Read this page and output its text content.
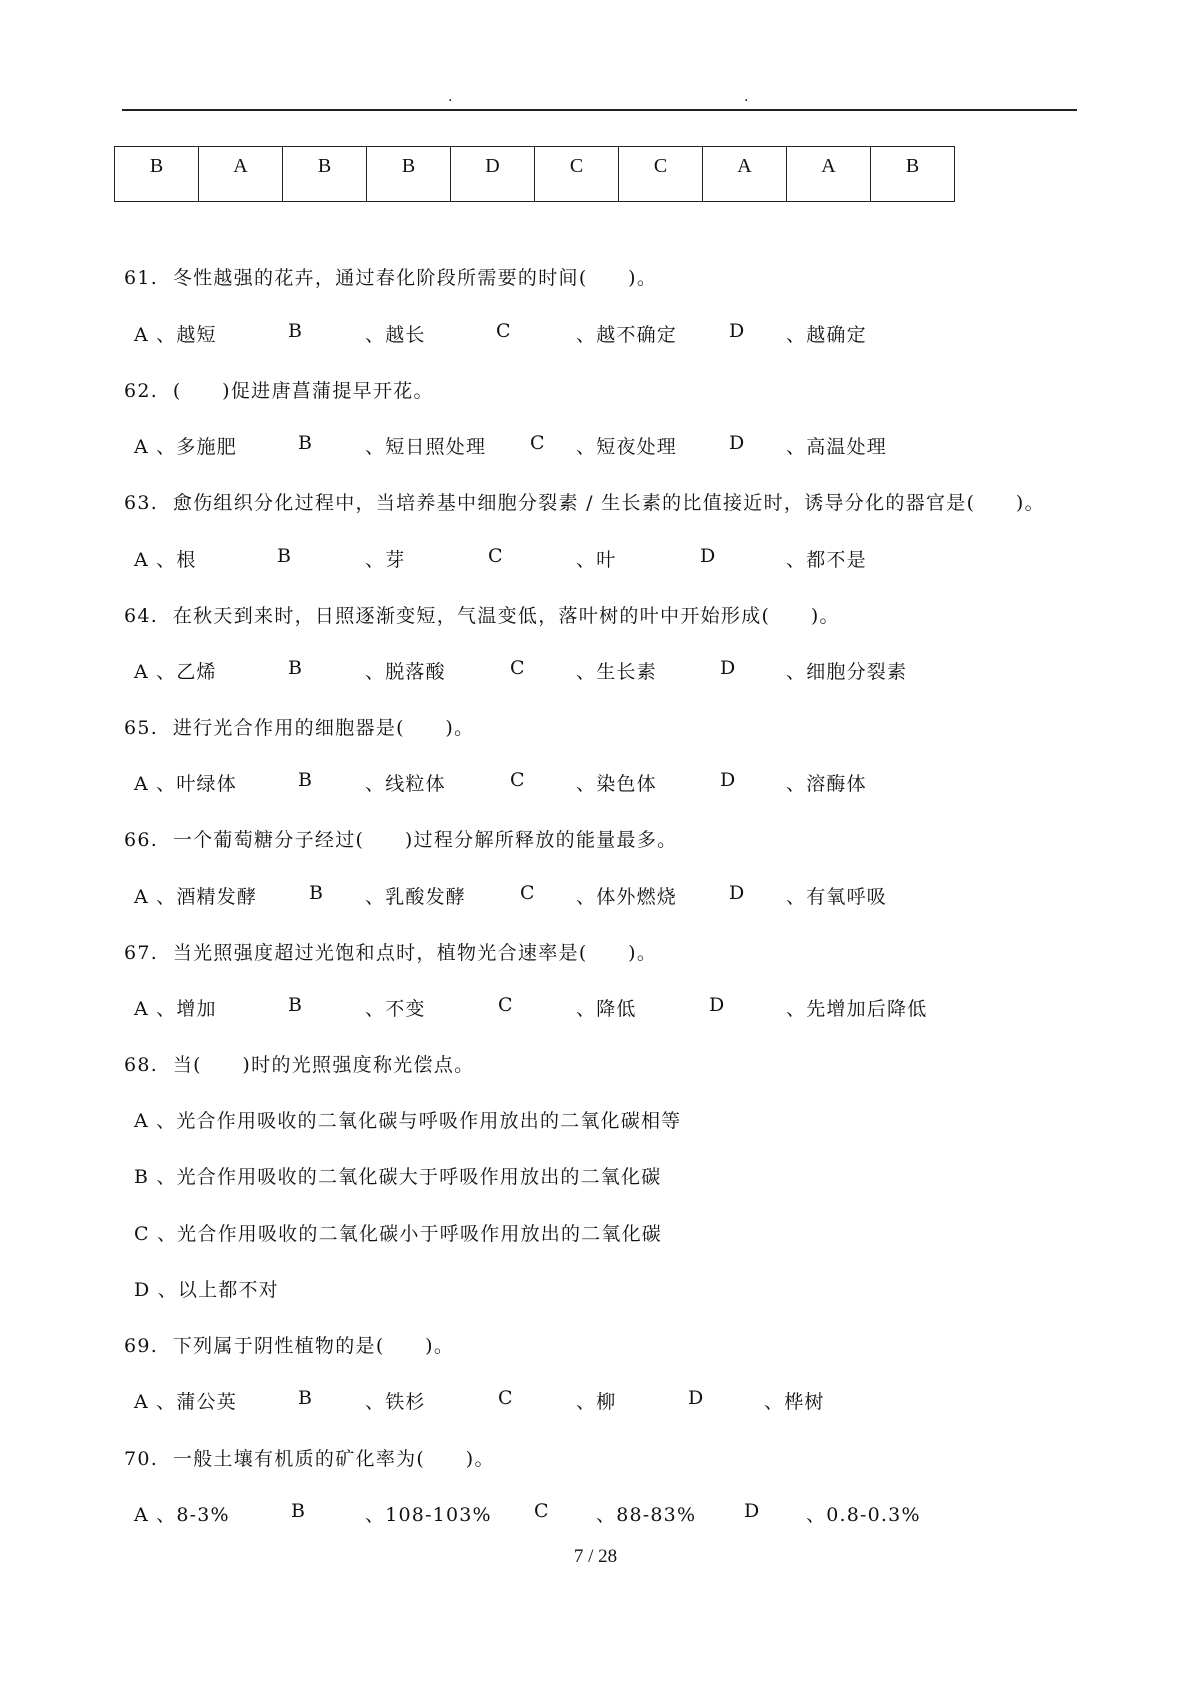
.	.
B	A	B	B	D	C	C	A	A	B
61. 冬性越强的花卉，通过春化阶段所需要的时间(　　)。
A 、越短	B	、越长	C	、越不确定	D 、越确定
62. (　　)促进唐菖蒲提早开花。
A 、多施肥	B	、短日照处理 C 、短夜处理	D 、高温处理
63. 愈伤组织分化过程中，当培养基中细胞分裂素 / 生长素的比值接近时，诱导分化的器官是(　　)。
A 、根	B	、芽	C	、叶	D	、都不是
64. 在秋天到来时，日照逐渐变短，气温变低，落叶树的叶中开始形成(　　)。
A 、乙烯	B	、脱落酸	C	、生长素	D	、细胞分裂素
65. 进行光合作用的细胞器是(　　)。
A 、叶绿体	B	、线粒体	C	、染色体	D	、溶酶体
66. 一个葡萄糖分子经过(　　)过程分解所释放的能量最多。
A 、酒精发酵	B 、乳酸发酵	C 、体外燃烧	D 、有氧呼吸
67. 当光照强度超过光饱和点时，植物光合速率是(　　)。
A 、增加	B	、不变	C	、降低	D	、先增加后降低
68. 当(　　)时的光照强度称光偿点。
A 、光合作用吸收的二氧化碳与呼吸作用放出的二氧化碳相等
B 、光合作用吸收的二氧化碳大于呼吸作用放出的二氧化碳
C 、光合作用吸收的二氧化碳小于呼吸作用放出的二氧化碳
D 、以上都不对
69. 下列属于阴性植物的是(　　)。
A 、蒲公英	B	、铁杉	C	、柳	D	、桦树
70. 一般土壤有机质的矿化率为(　　)。
A 、8-3%	B	、108-103% C 、88-83%	D 、0.8-0.3%
7 / 28
